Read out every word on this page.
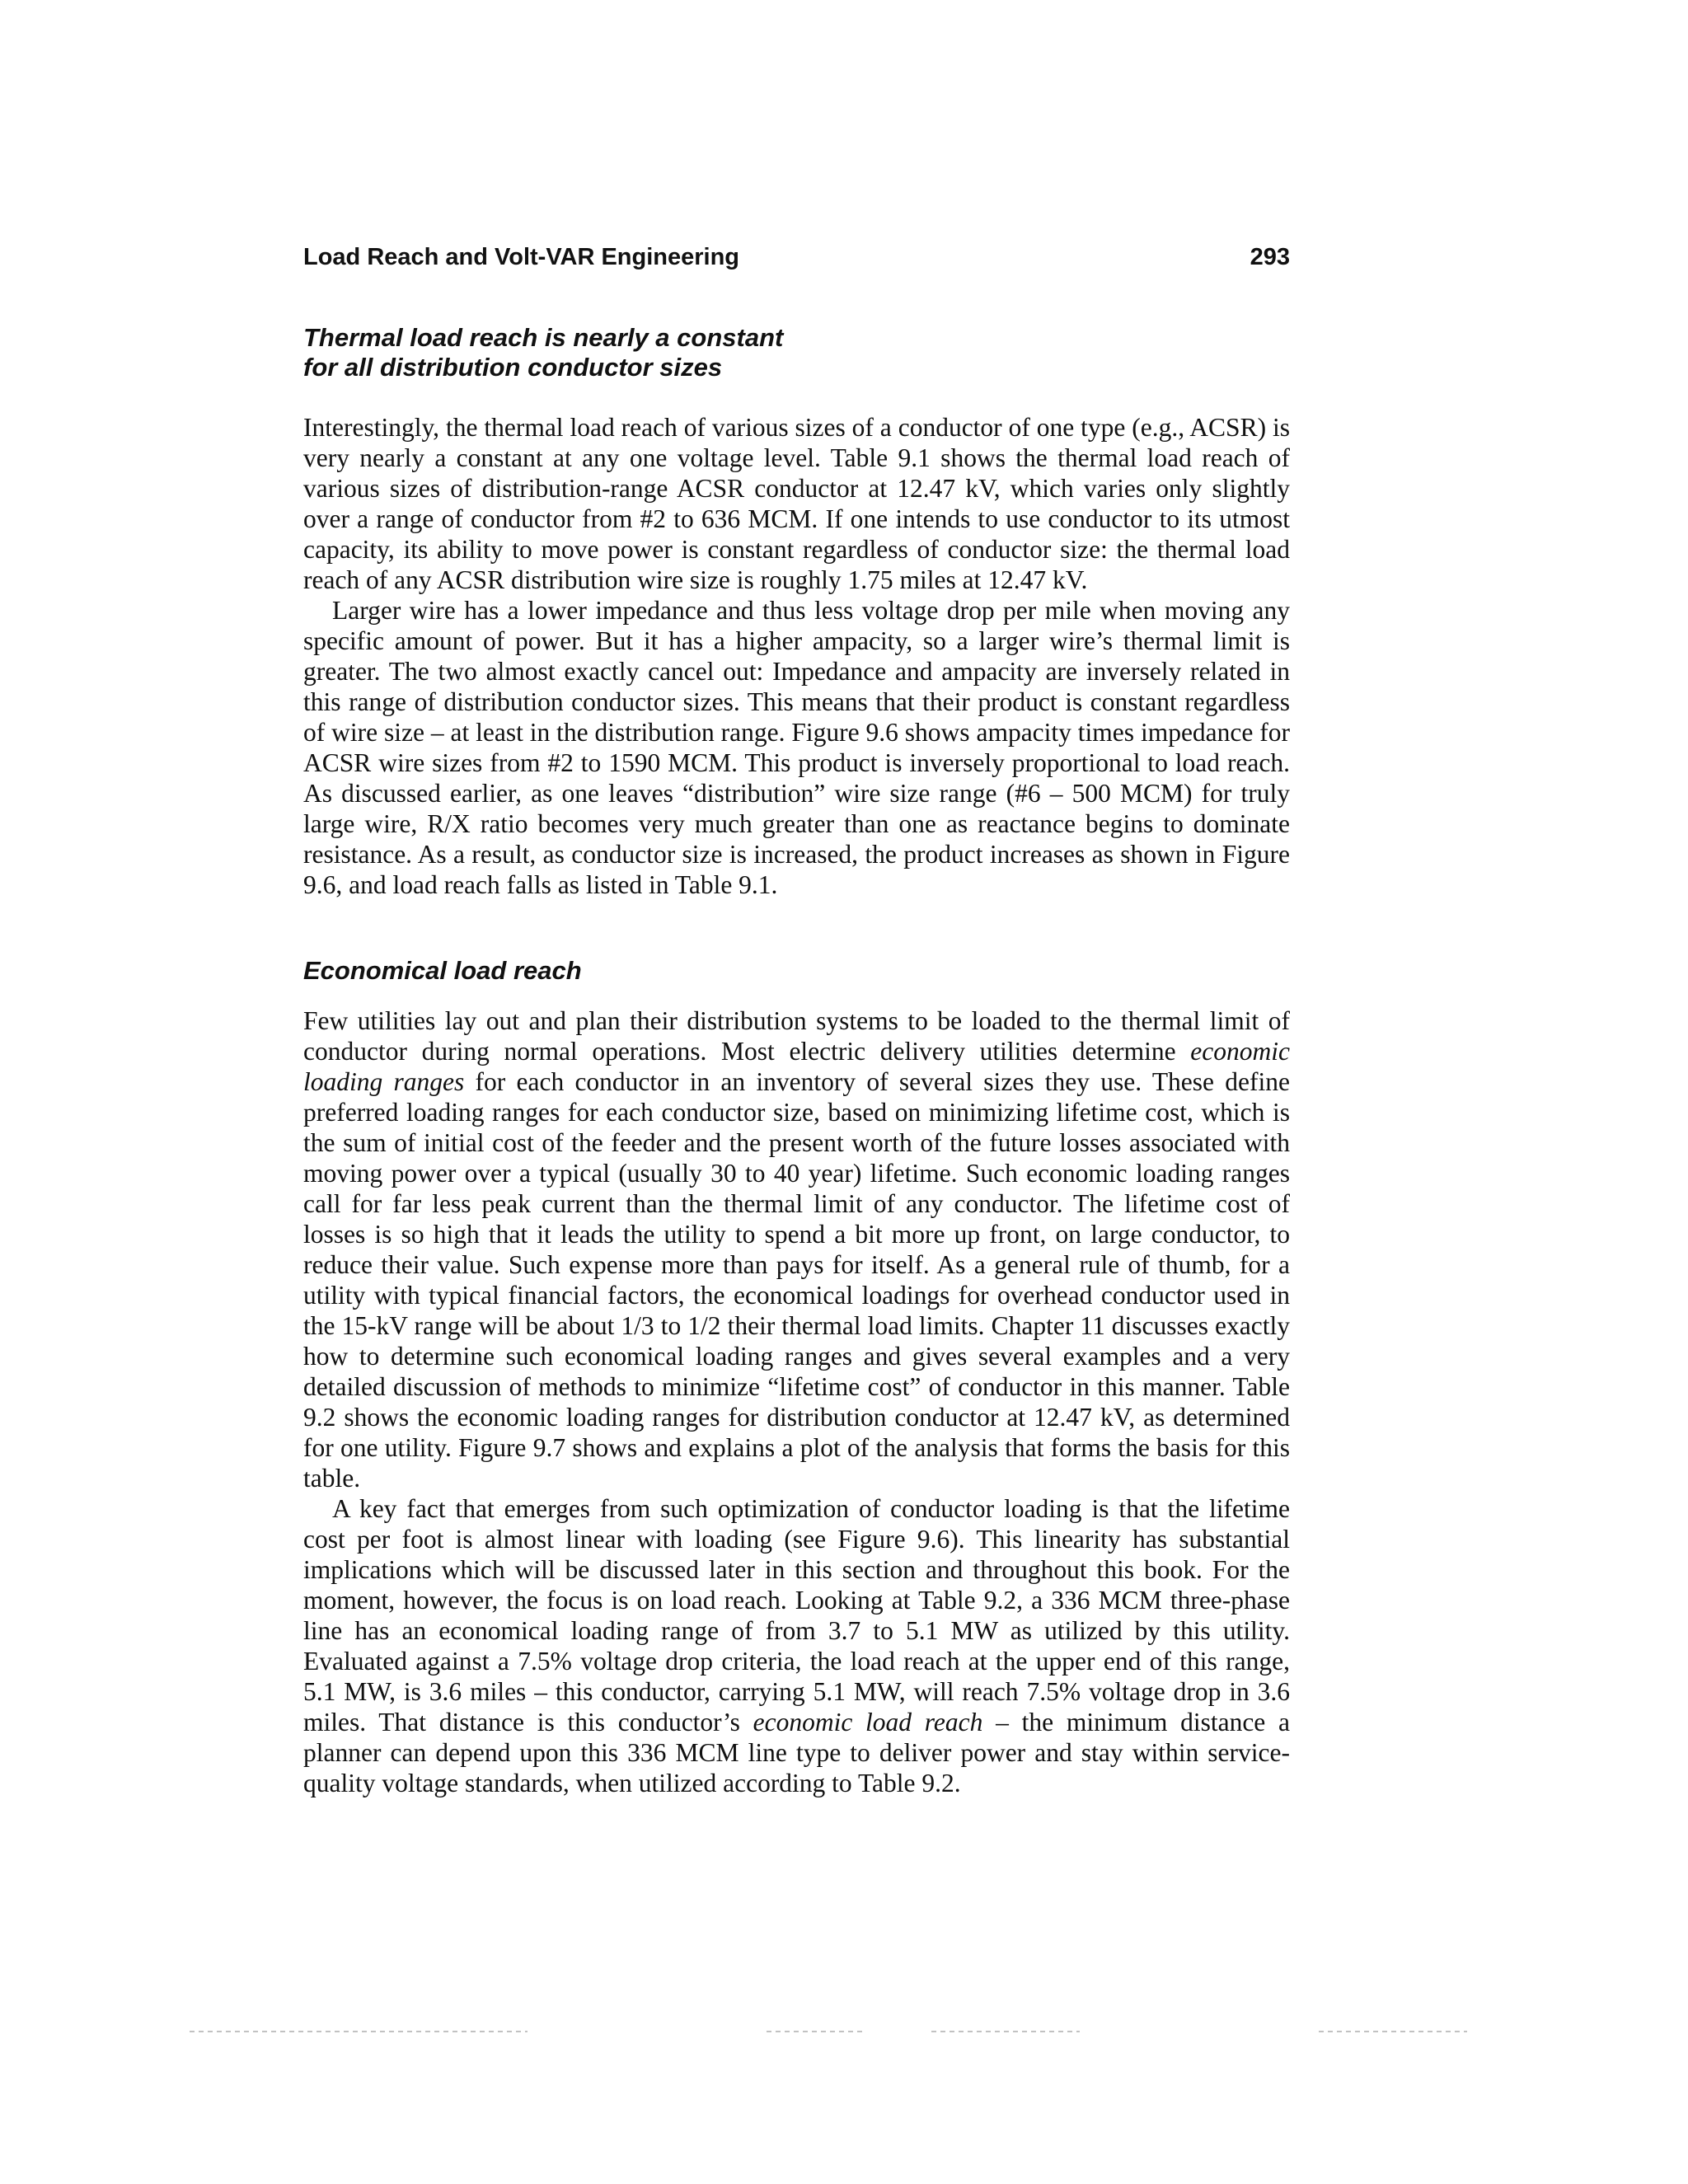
Load Reach and Volt-VAR Engineering	293
Thermal load reach is nearly a constant
for all distribution conductor sizes

Interestingly, the thermal load reach of various sizes of a conductor of one type (e.g., ACSR) is very nearly a constant at any one voltage level. Table 9.1 shows the thermal load reach of various sizes of distribution-range ACSR conductor at 12.47 kV, which varies only slightly over a range of conductor from #2 to 636 MCM. If one intends to use conductor to its utmost capacity, its ability to move power is constant regardless of conductor size: the thermal load reach of any ACSR distribution wire size is roughly 1.75 miles at 12.47 kV.

Larger wire has a lower impedance and thus less voltage drop per mile when moving any specific amount of power. But it has a higher ampacity, so a larger wire’s thermal limit is greater. The two almost exactly cancel out: Impedance and ampacity are inversely related in this range of distribution conductor sizes. This means that their product is constant regardless of wire size – at least in the distribution range. Figure 9.6 shows ampacity times impedance for ACSR wire sizes from #2 to 1590 MCM. This product is inversely proportional to load reach. As discussed earlier, as one leaves “distribution” wire size range (#6 – 500 MCM) for truly large wire, R/X ratio becomes very much greater than one as reactance begins to dominate resistance. As a result, as conductor size is increased, the product increases as shown in Figure 9.6, and load reach falls as listed in Table 9.1.

Economical load reach

Few utilities lay out and plan their distribution systems to be loaded to the thermal limit of conductor during normal operations. Most electric delivery utilities determine economic loading ranges for each conductor in an inventory of several sizes they use. These define preferred loading ranges for each conductor size, based on minimizing lifetime cost, which is the sum of initial cost of the feeder and the present worth of the future losses associated with moving power over a typical (usually 30 to 40 year) lifetime. Such economic loading ranges call for far less peak current than the thermal limit of any conductor. The lifetime cost of losses is so high that it leads the utility to spend a bit more up front, on large conductor, to reduce their value. Such expense more than pays for itself. As a general rule of thumb, for a utility with typical financial factors, the economical loadings for overhead conductor used in the 15-kV range will be about 1/3 to 1/2 their thermal load limits. Chapter 11 discusses exactly how to determine such economical loading ranges and gives several examples and a very detailed discussion of methods to minimize “lifetime cost” of conductor in this manner. Table 9.2 shows the economic loading ranges for distribution conductor at 12.47 kV, as determined for one utility. Figure 9.7 shows and explains a plot of the analysis that forms the basis for this table.

A key fact that emerges from such optimization of conductor loading is that the lifetime cost per foot is almost linear with loading (see Figure 9.6). This linearity has substantial implications which will be discussed later in this section and throughout this book. For the moment, however, the focus is on load reach. Looking at Table 9.2, a 336 MCM three-phase line has an economical loading range of from 3.7 to 5.1 MW as utilized by this utility. Evaluated against a 7.5% voltage drop criteria, the load reach at the upper end of this range, 5.1 MW, is 3.6 miles – this conductor, carrying 5.1 MW, will reach 7.5% voltage drop in 3.6 miles. That distance is this conductor’s economic load reach – the minimum distance a planner can depend upon this 336 MCM line type to deliver power and stay within service-quality voltage standards, when utilized according to Table 9.2.
